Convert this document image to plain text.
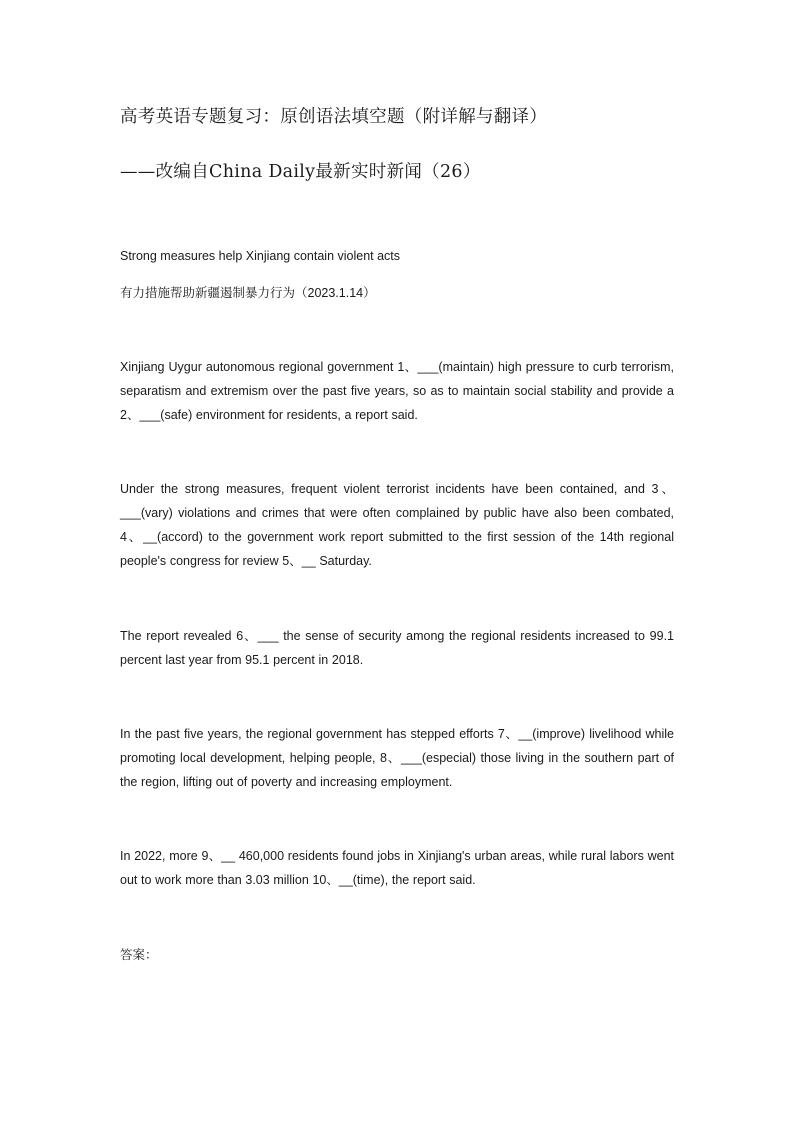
高考英语专题复习：原创语法填空题（附详解与翻译）
——改编自China Daily最新实时新闻（26）
Strong measures help Xinjiang contain violent acts
有力措施帮助新疆遏制暴力行为（2023.1.14）
Xinjiang Uygur autonomous regional government 1、___(maintain) high pressure to curb terrorism, separatism and extremism over the past five years, so as to maintain social stability and provide a 2、___(safe) environment for residents, a report said.
Under the strong measures, frequent violent terrorist incidents have been contained, and 3、___(vary) violations and crimes that were often complained by public have also been combated, 4、__(accord) to the government work report submitted to the first session of the 14th regional people's congress for review 5、__ Saturday.
The report revealed 6、___ the sense of security among the regional residents increased to 99.1 percent last year from 95.1 percent in 2018.
In the past five years, the regional government has stepped efforts 7、__(improve) livelihood while promoting local development, helping people, 8、___(especial) those living in the southern part of the region, lifting out of poverty and increasing employment.
In 2022, more 9、__ 460,000 residents found jobs in Xinjiang's urban areas, while rural labors went out to work more than 3.03 million 10、__(time), the report said.
答案：
